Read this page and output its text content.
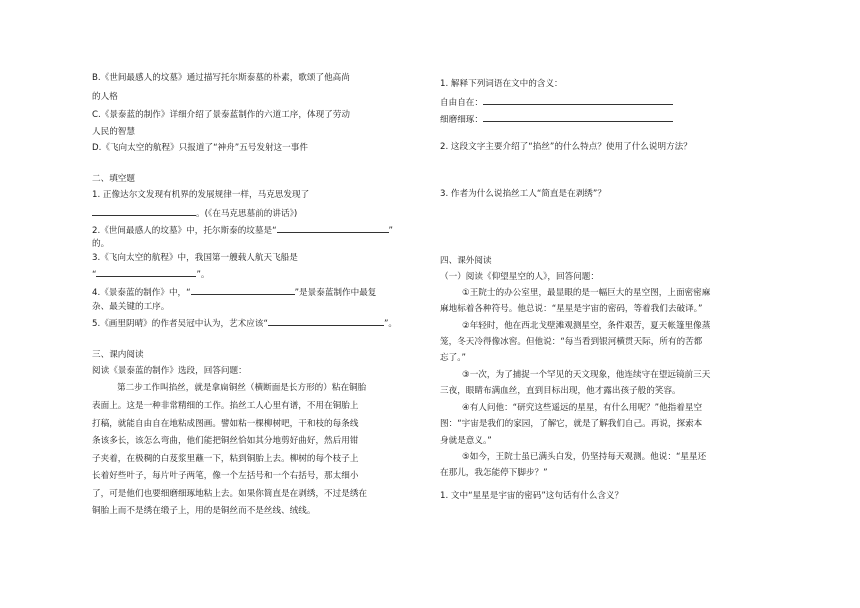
B.《世间最感人的坟墓》通过描写托尔斯泰墓的朴素，歌颂了他高尚

的人格

C.《景泰蓝的制作》详细介绍了景泰蓝制作的六道工序，体现了劳动

人民的智慧

D.《飞向太空的航程》只报道了“神舟”五号发射这一事件

二、填空题

1. 正像达尔文发现有机界的发展规律一样，马克思发现了

。(《在马克思墓前的讲话》)

2.《世间最感人的坟墓》中，托尔斯泰的坟墓是“	”

的。

3.《飞向太空的航程》中，我国第一艘载人航天飞船是

“	”。

4.《景泰蓝的制作》中，“	”是景泰蓝制作中最复

杂、最关键的工序。

5.《画里阴晴》的作者吴冠中认为，艺术应该“	”。

三、课内阅读

阅读《景泰蓝的制作》选段，回答问题：

第二步工作叫掐丝，就是拿扁铜丝（横断面是长方形的）粘在铜胎

表面上。这是一种非常精细的工作。掐丝工人心里有谱，不用在铜胎上

打稿，就能自由自在地粘成图画。譬如粘一棵柳树吧，干和枝的每条线

条该多长，该怎么弯曲，他们能把铜丝恰如其分地剪好曲好，然后用钳

子夹着，在极稠的白芨浆里蘸一下，粘到铜胎上去。柳树的每个枝子上

长着好些叶子，每片叶子两笔，像一个左括号和一个右括号，那太细小

了，可是他们也要细磨细琢地粘上去。如果你简直是在剥绣，不过是绣在

铜胎上而不是绣在缎子上，用的是铜丝而不是丝线、绒线。

1. 解释下列词语在文中的含义：

自由自在：

细磨细琢：

2. 这段文字主要介绍了“掐丝”的什么特点？使用了什么说明方法？

3. 作者为什么说掐丝工人“简直是在剥绣”？

四、课外阅读

（一）阅读《仰望星空的人》，回答问题：

①王院士的办公室里，最显眼的是一幅巨大的星空图，上面密密麻

麻地标着各种符号。他总说：“星星是宇宙的密码，等着我们去破译。”

②年轻时，他在西北戈壁滩观测星空，条件艰苦，夏天帐篷里像蒸

笼，冬天冷得像冰窖。但他说：“每当看到银河横贯天际，所有的苦都

忘了。”

③一次，为了捕捉一个罕见的天文现象，他连续守在望远镜前三天

三夜，眼睛布满血丝，直到目标出现，他才露出孩子般的笑容。

④有人问他：“研究这些遥远的星星，有什么用呢？”他指着星空

图：“宇宙是我们的家园，了解它，就是了解我们自己。再说，探索本

身就是意义。”

⑤如今，王院士虽已满头白发，仍坚持每天观测。他说：“星星还

在那儿，我怎能停下脚步？”

1. 文中“星星是宇宙的密码”这句话有什么含义？
